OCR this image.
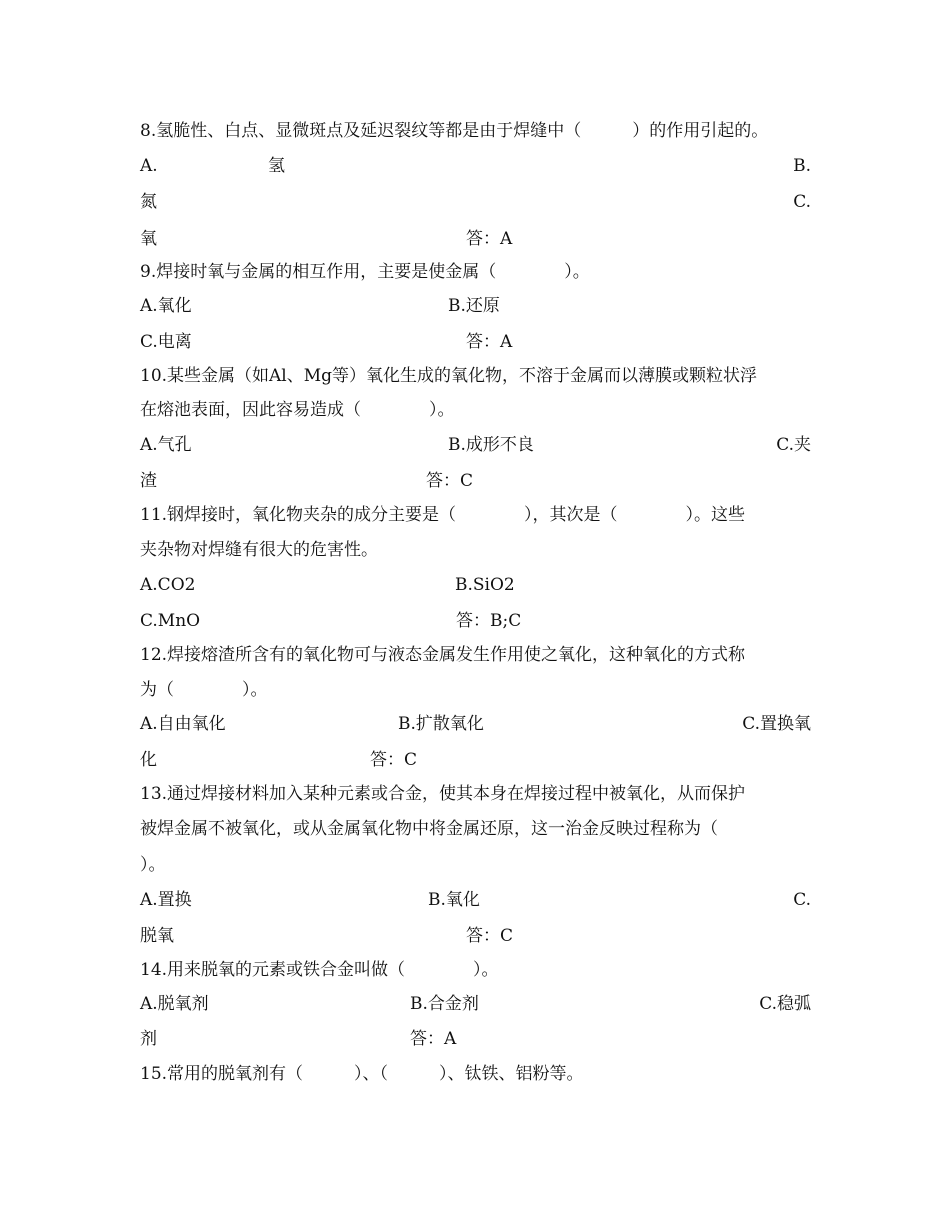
8.氢脆性、白点、显微斑点及延迟裂纹等都是由于焊缝中（　　　）的作用引起的。

A.

	氢

	B.

氮

	C.

氧

	答：A

9.焊接时氧与金属的相互作用，主要是使金属（　　　　）。

A.氧化

	B.还原

C.电离

	答：A

10.某些金属（如Al、Mg等）氧化生成的氧化物，不溶于金属而以薄膜或颗粒状浮

在熔池表面，因此容易造成（　　　　）。

A.气孔

	B.成形不良

	C.夹

渣

	答：C

11.钢焊接时，氧化物夹杂的成分主要是（　　　　），其次是（　　　　）。这些

夹杂物对焊缝有很大的危害性。

A.CO2

	B.SiO2

C.MnO

	答：B;C

12.焊接熔渣所含有的氧化物可与液态金属发生作用使之氧化，这种氧化的方式称

为（　　　　）。

A.自由氧化

	B.扩散氧化

	C.置换氧

化

	答：C

13.通过焊接材料加入某种元素或合金，使其本身在焊接过程中被氧化，从而保护

被焊金属不被氧化，或从金属氧化物中将金属还原，这一治金反映过程称为（

）。

A.置换

	B.氧化

	C.

脱氧

	答：C

14.用来脱氧的元素或铁合金叫做（　　　　）。

A.脱氧剂

	B.合金剂

	C.稳弧

剂

	答：A

15.常用的脱氧剂有（　　　）、（　　　）、钛铁、铝粉等。
